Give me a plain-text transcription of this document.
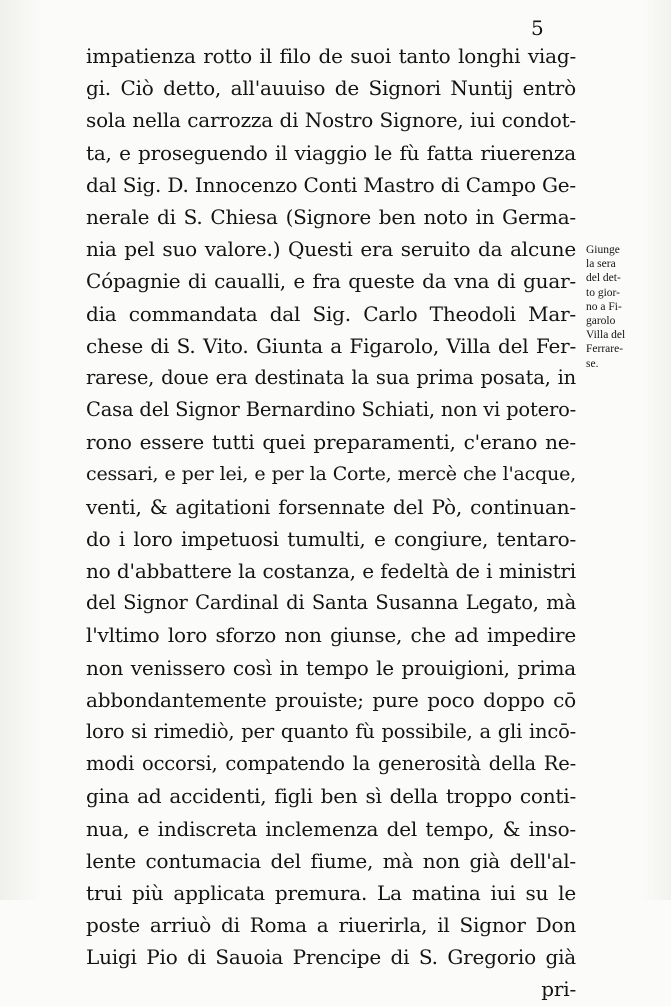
5
impatienza rotto il filo de suoi tanto longhi viag-
gi. Ciò detto, all'auuiso de Signori Nuntij entrò
sola nella carrozza di Nostro Signore, iui condot-
ta, e proseguendo il viaggio le fù fatta riuerenza
dal Sig. D. Innocenzo Conti Mastro di Campo Ge-
nerale di S. Chiesa (Signore ben noto in Germa-
nia pel suo valore.) Questi era seruito da alcune
Cópagnie di caualli, e fra queste da vna di guar-
dia commandata dal Sig. Carlo Theodoli Mar-
chese di S. Vito. Giunta a Figarolo, Villa del Fer-
rarese, doue era destinata la sua prima posata, in
Casa del Signor Bernardino Schiati, non vi potero-
rono essere tutti quei preparamenti, c'erano ne-
cessari, e per lei, e per la Corte, mercè che l'acque,
venti, & agitationi forsennate del Pò, continuan-
do i loro impetuosi tumulti, e congiure, tentaro-
no d'abbattere la costanza, e fedeltà de i ministri
del Signor Cardinal di Santa Susanna Legato, mà
l'vltimo loro sforzo non giunse, che ad impedire
non venissero così in tempo le prouigioni, prima
abbondantemente prouiste; pure poco doppo cō
loro si rimediò, per quanto fù possibile, a gli incō-
modi occorsi, compatendo la generosità della Re-
gina ad accidenti, figli ben sì della troppo conti-
nua, e indiscreta inclemenza del tempo, & inso-
lente contumacia del fiume, mà non già dell'al-
trui più applicata premura. La matina iui su le
poste arriuò di Roma a riuerirla, il Signor Don
Luigi Pio di Sauoia Prencipe di S. Gregorio già
pri-
Giunge
la sera
del det-
to gior-
no a Fi-
garolo
Villa del
Ferrare-
se.
